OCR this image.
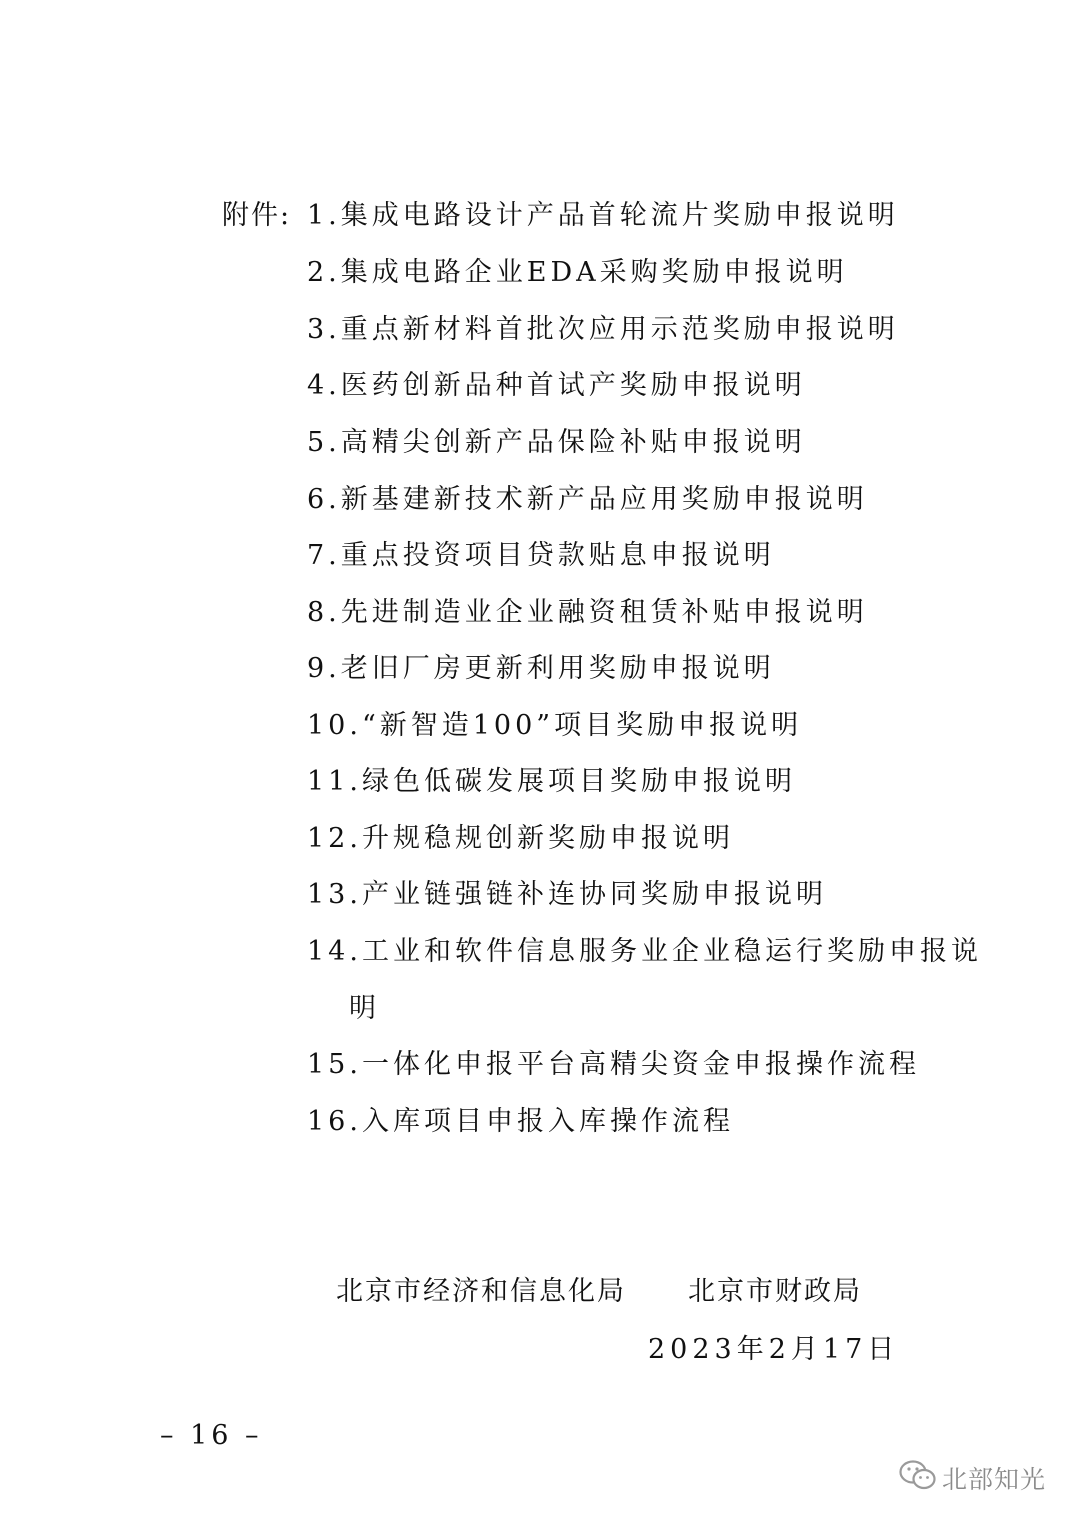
附件: 1.集成电路设计产品首轮流片奖励申报说明
2.集成电路企业EDA采购奖励申报说明
3.重点新材料首批次应用示范奖励申报说明
4.医药创新品种首试产奖励申报说明
5.高精尖创新产品保险补贴申报说明
6.新基建新技术新产品应用奖励申报说明
7.重点投资项目贷款贴息申报说明
8.先进制造业企业融资租赁补贴申报说明
9.老旧厂房更新利用奖励申报说明
10.“新智造100”项目奖励申报说明
11.绿色低碳发展项目奖励申报说明
12.升规稳规创新奖励申报说明
13.产业链强链补连协同奖励申报说明
14.工业和软件信息服务业企业稳运行奖励申报说
明
15.一体化申报平台高精尖资金申报操作流程
16.入库项目申报入库操作流程
北京市经济和信息化局 北京市财政局
2023年2月17日
– 16 –
北部知光
